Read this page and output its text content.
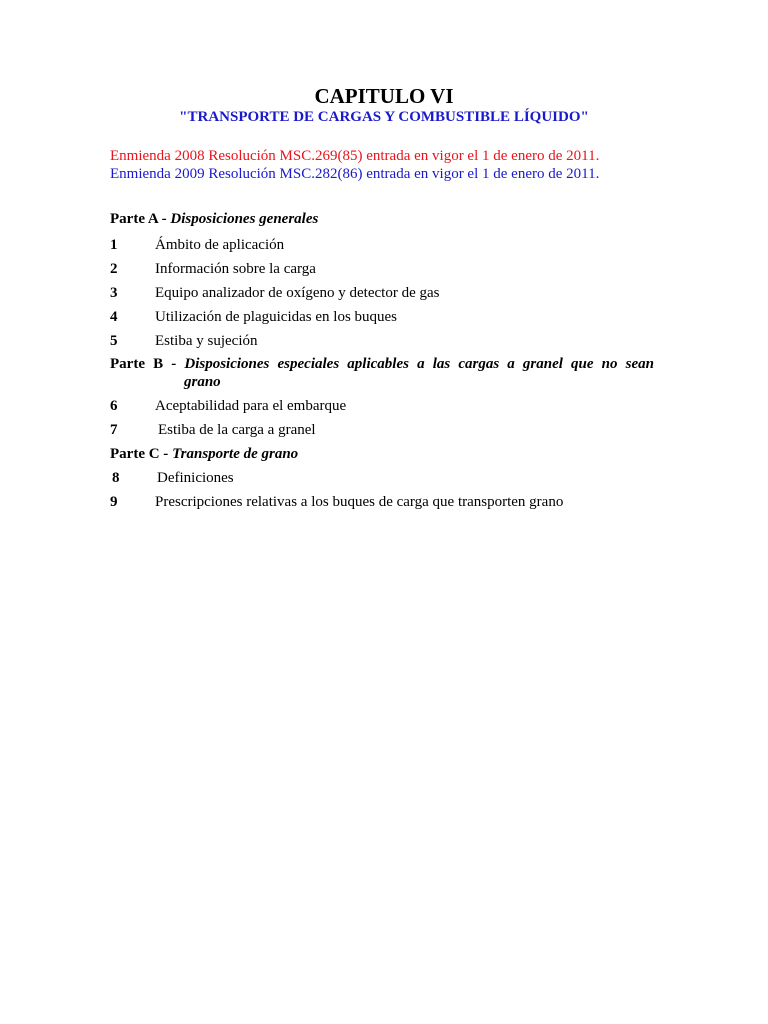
CAPITULO VI
"TRANSPORTE DE CARGAS Y COMBUSTIBLE LÍQUIDO"
Enmienda 2008 Resolución MSC.269(85) entrada en vigor el 1 de enero de 2011.
Enmienda 2009 Resolución MSC.282(86) entrada en vigor el 1 de enero de 2011.
Parte A - Disposiciones generales
1	Ámbito de aplicación
2	Información sobre la carga
3	Equipo analizador de oxígeno y detector de gas
4	Utilización de plaguicidas en los buques
5	Estiba y sujeción
Parte B - Disposiciones especiales aplicables a las cargas a granel que no sean
grano
6	Aceptabilidad para el embarque
7	Estiba de la carga a granel
Parte C - Transporte de grano
8	Definiciones
9	Prescripciones relativas a los buques de carga que transporten grano
